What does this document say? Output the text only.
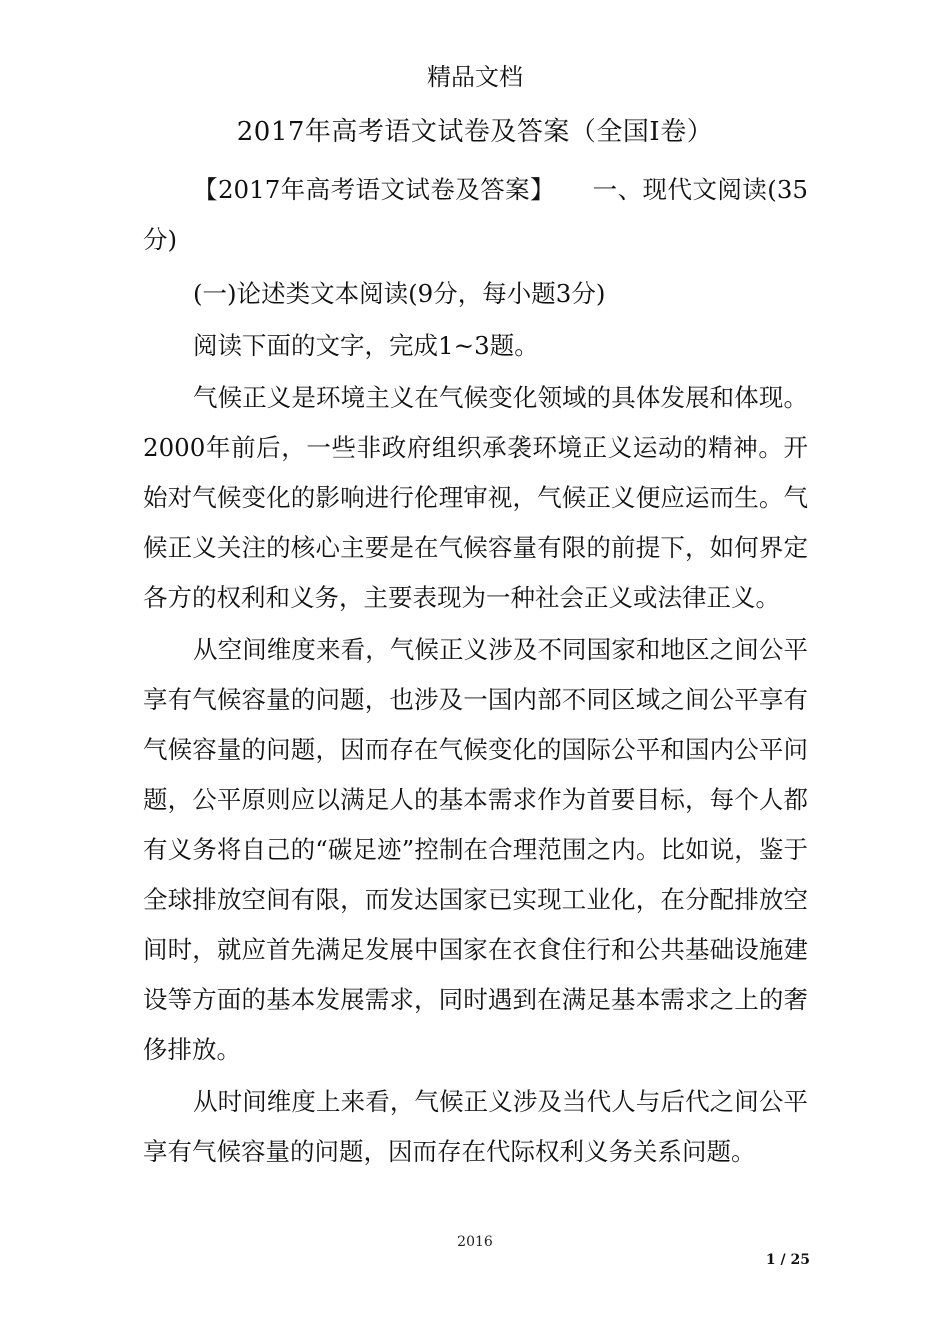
精品文档
2017年高考语文试卷及答案（全国Ⅰ卷）

【2017年高考语文试卷及答案】　　一、现代文阅读(35分)

(一)论述类文本阅读(9分，每小题3分)

阅读下面的文字，完成1~3题。

气候正义是环境主义在气候变化领域的具体发展和体现。2000年前后，一些非政府组织承袭环境正义运动的精神。开始对气候变化的影响进行伦理审视，气候正义便应运而生。气候正义关注的核心主要是在气候容量有限的前提下，如何界定各方的权利和义务，主要表现为一种社会正义或法律正义。

从空间维度来看，气候正义涉及不同国家和地区之间公平享有气候容量的问题，也涉及一国内部不同区域之间公平享有气候容量的问题，因而存在气候变化的国际公平和国内公平问题，公平原则应以满足人的基本需求作为首要目标，每个人都有义务将自己的“碳足迹”控制在合理范围之内。比如说，鉴于全球排放空间有限，而发达国家已实现工业化，在分配排放空间时，就应首先满足发展中国家在衣食住行和公共基础设施建设等方面的基本发展需求，同时遇到在满足基本需求之上的奢侈排放。

从时间维度上来看，气候正义涉及当代人与后代之间公平享有气候容量的问题，因而存在代际权利义务关系问题。

2016
1 / 25
